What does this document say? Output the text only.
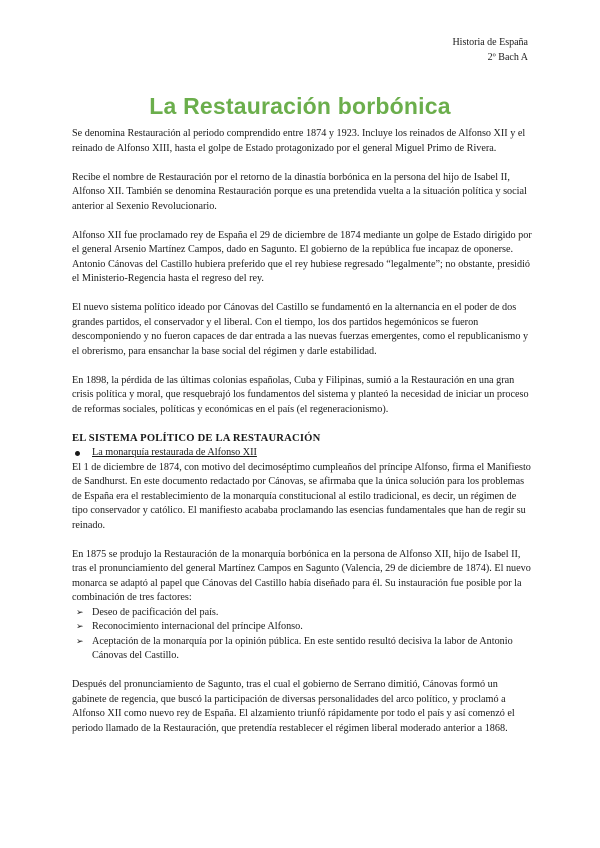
Historia de España
2º Bach A
La Restauración borbónica

Se denomina Restauración al periodo comprendido entre 1874 y 1923. Incluye los reinados de Alfonso XII y el reinado de Alfonso XIII, hasta el golpe de Estado protagonizado por el general Miguel Primo de Rivera.

Recibe el nombre de Restauración por el retorno de la dinastía borbónica en la persona del hijo de Isabel II, Alfonso XII. También se denomina Restauración porque es una pretendida vuelta a la situación política y social anterior al Sexenio Revolucionario.

Alfonso XII fue proclamado rey de España el 29 de diciembre de 1874 mediante un golpe de Estado dirigido por el general Arsenio Martínez Campos, dado en Sagunto. El gobierno de la república fue incapaz de oponerse. Antonio Cánovas del Castillo hubiera preferido que el rey hubiese regresado “legalmente”; no obstante, presidió el Ministerio-Regencia hasta el regreso del rey.

El nuevo sistema político ideado por Cánovas del Castillo se fundamentó en la alternancia en el poder de dos grandes partidos, el conservador y el liberal. Con el tiempo, los dos partidos hegemónicos se fueron descomponiendo y no fueron capaces de dar entrada a las nuevas fuerzas emergentes, como el republicanismo y el obrerismo, para ensanchar la base social del régimen y darle estabilidad.

En 1898, la pérdida de las últimas colonias españolas, Cuba y Filipinas, sumió a la Restauración en una gran crisis política y moral, que resquebrajó los fundamentos del sistema y planteó la necesidad de iniciar un proceso de reformas sociales, políticas y económicas en el país (el regeneracionismo).

EL SISTEMA POLÍTICO DE LA RESTAURACIÓN
La monarquía restaurada de Alfonso XII

El 1 de diciembre de 1874, con motivo del decimoséptimo cumpleaños del príncipe Alfonso, firma el Manifiesto de Sandhurst. En este documento redactado por Cánovas, se afirmaba que la única solución para los problemas de España era el restablecimiento de la monarquía constitucional al estilo tradicional, es decir, un régimen de tipo conservador y católico. El manifiesto acababa proclamando las esencias fundamentales que han de regir su reinado.

En 1875 se produjo la Restauración de la monarquía borbónica en la persona de Alfonso XII, hijo de Isabel II, tras el pronunciamiento del general Martínez Campos en Sagunto (Valencia, 29 de diciembre de 1874). El nuevo monarca se adaptó al papel que Cánovas del Castillo había diseñado para él. Su instauración fue posible por la combinación de tres factores:

➢ Deseo de pacificación del país.
➢ Reconocimiento internacional del príncipe Alfonso.
➢ Aceptación de la monarquía por la opinión pública. En este sentido resultó decisiva la labor de Antonio Cánovas del Castillo.

Después del pronunciamiento de Sagunto, tras el cual el gobierno de Serrano dimitió, Cánovas formó un gabinete de regencia, que buscó la participación de diversas personalidades del arco político, y proclamó a Alfonso XII como nuevo rey de España. El alzamiento triunfó rápidamente por todo el país y así comenzó el periodo llamado de la Restauración, que pretendía restablecer el régimen liberal moderado anterior a 1868.
